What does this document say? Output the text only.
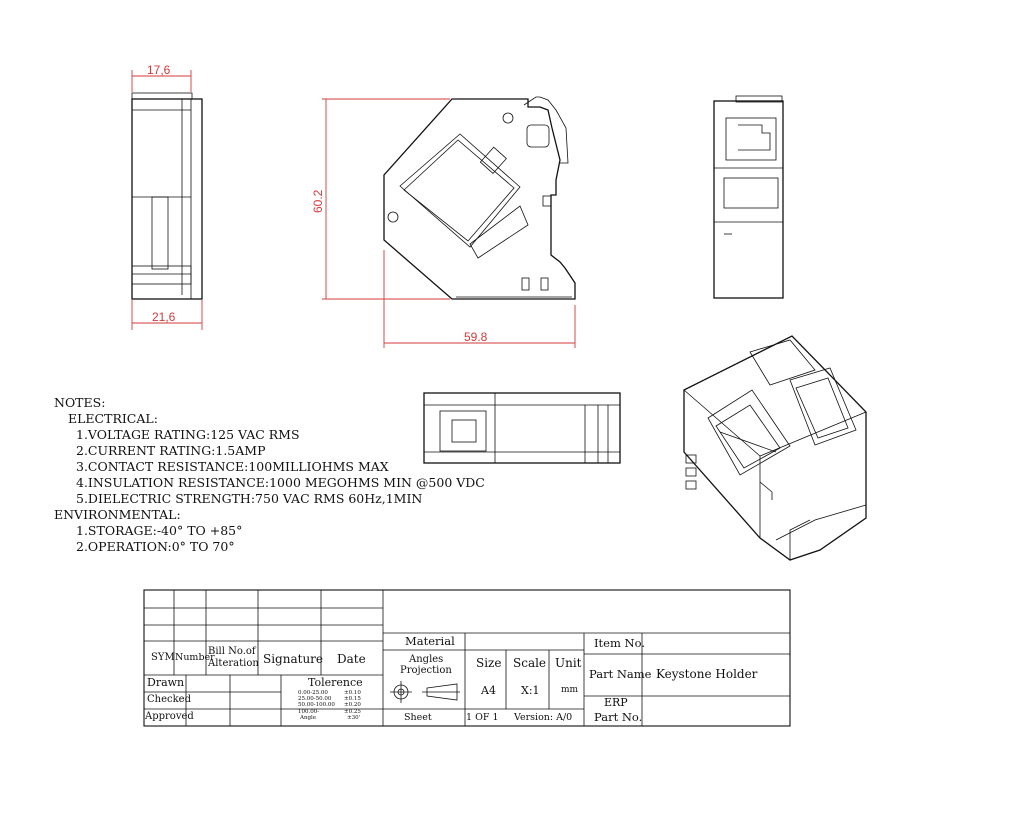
17,6
21,6
60.2
59.8
NOTES:
ELECTRICAL:
1.VOLTAGE RATING:125 VAC RMS
2.CURRENT RATING:1.5AMP
3.CONTACT RESISTANCE:100MILLIOHMS MAX
4.INSULATION RESISTANCE:1000 MEGOHMS MIN @500 VDC
5.DIELECTRIC STRENGTH:750 VAC RMS 60Hz,1MIN
ENVIRONMENTAL:
1.STORAGE:-40° TO +85°
2.OPERATION:0° TO 70°
SYM Number
Bill No.of
Alteration Signature Date
Drawn
Checked
Approved
Tolerence
0.00-25.00
25.00-50.00
50.00-100.00
100.00-
Angle
±0.10
±0.15
±0.20
±0.25
±30'
Material
Angles
Projection
Size Scale Unit
A4 X:1 mm
Sheet	1 OF 1 Version: A/0
Item No.
Part Name Keystone Holder
ERP
Part No.
